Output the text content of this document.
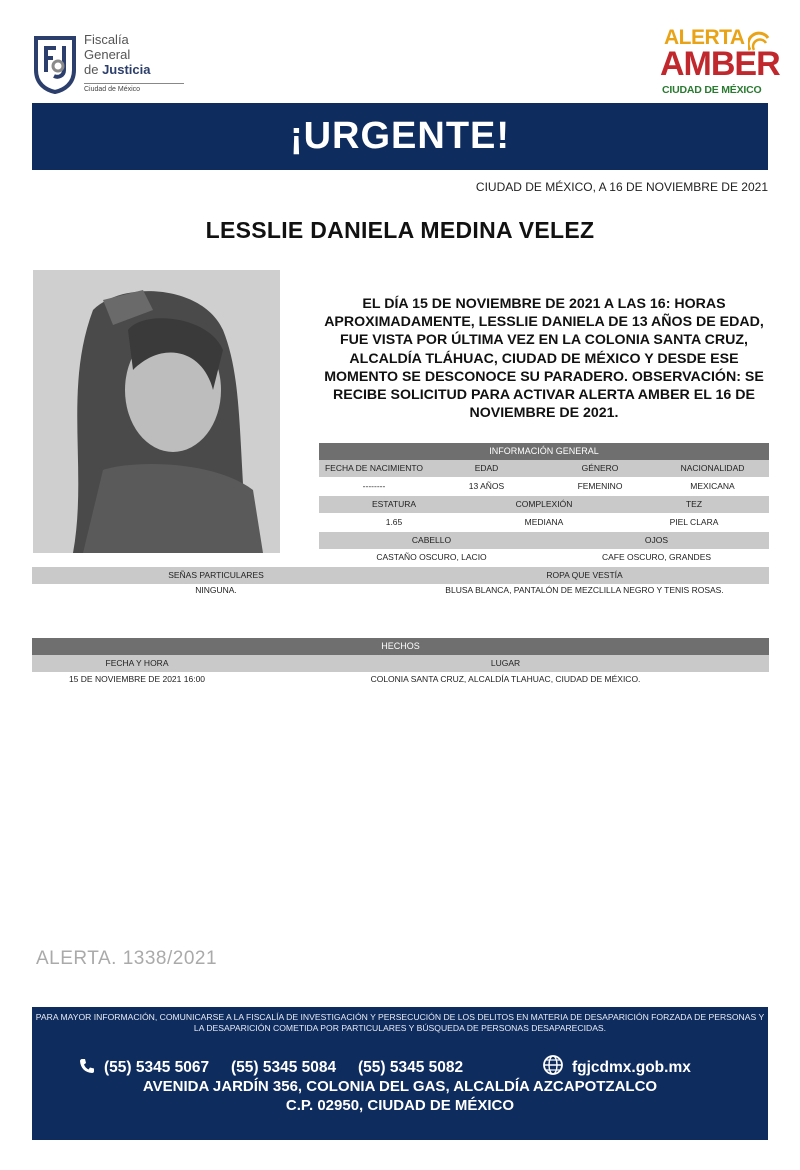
Fiscalía
General
de Justicia
Ciudad de México
ALERTA
AMBER
CIUDAD DE MÉXICO
¡URGENTE!
CIUDAD DE MÉXICO, A 16 DE NOVIEMBRE DE 2021
LESSLIE DANIELA MEDINA VELEZ
EL DÍA 15 DE NOVIEMBRE DE 2021 A LAS 16: HORAS APROXIMADAMENTE, LESSLIE DANIELA DE 13 AÑOS DE EDAD, FUE VISTA POR ÚLTIMA VEZ EN LA COLONIA SANTA CRUZ, ALCALDÍA TLÁHUAC, CIUDAD DE MÉXICO Y DESDE ESE MOMENTO SE DESCONOCE SU PARADERO. OBSERVACIÓN: SE RECIBE SOLICITUD PARA ACTIVAR ALERTA AMBER EL 16 DE NOVIEMBRE DE 2021.
INFORMACIÓN GENERAL
FECHA DE NACIMIENTO	EDAD	GÉNERO	NACIONALIDAD
--------	13 AÑOS	FEMENINO	MEXICANA
ESTATURA	COMPLEXIÓN	TEZ
1.65	MEDIANA	PIEL CLARA
CABELLO	OJOS
CASTAÑO OSCURO, LACIO	CAFE OSCURO, GRANDES
SEÑAS PARTICULARES	ROPA QUE VESTÍA
NINGUNA.	BLUSA BLANCA, PANTALÓN DE MEZCLILLA NEGRO Y TENIS ROSAS.
HECHOS
FECHA Y HORA	LUGAR
15 DE NOVIEMBRE DE 2021 16:00	COLONIA SANTA CRUZ, ALCALDÍA TLAHUAC, CIUDAD DE MÉXICO.
ALERTA. 1338/2021
PARA MAYOR INFORMACIÓN, COMUNICARSE A LA FISCALÍA DE INVESTIGACIÓN Y PERSECUCIÓN DE LOS DELITOS EN MATERIA DE DESAPARICIÓN FORZADA DE PERSONAS Y LA DESAPARICIÓN COMETIDA POR PARTICULARES Y BÚSQUEDA DE PERSONAS DESAPARECIDAS.
(55) 5345 5067 (55) 5345 5084 (55) 5345 5082	fgjcdmx.gob.mx
AVENIDA JARDÍN 356, COLONIA DEL GAS, ALCALDÍA AZCAPOTZALCO
C.P. 02950, CIUDAD DE MÉXICO
